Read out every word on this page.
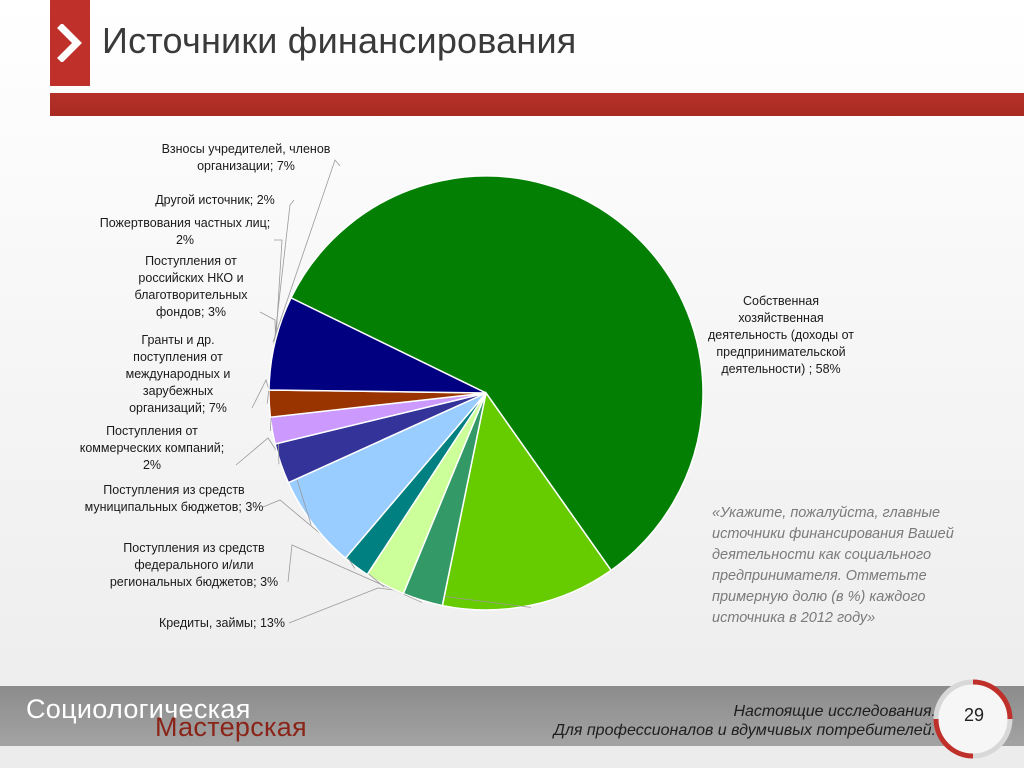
Источники финансирования
Собственная хозяйственная деятельность (доходы от предпринимательской деятельности) ; 58%
Кредиты, займы; 13%
Поступления из средств федерального и/или региональных бюджетов; 3%
Поступления из средств муниципальных бюджетов; 3%
Поступления от коммерческих компаний; 2%
Гранты и др. поступления от международных и зарубежных организаций; 7%
Поступления от российских НКО и благотворительных фондов; 3%
Пожертвования частных лиц; 2%
Другой источник; 2%
Взносы учредителей, членов организации; 7%
«Укажите, пожалуйста, главные источники финансирования Вашей деятельности как социального предпринимателя. Отметьте примерную долю (в %) каждого источника в 2012 году»
Социологическая
Мастерская
Настоящие исследования.
Для профессионалов и вдумчивых потребителей.
29
